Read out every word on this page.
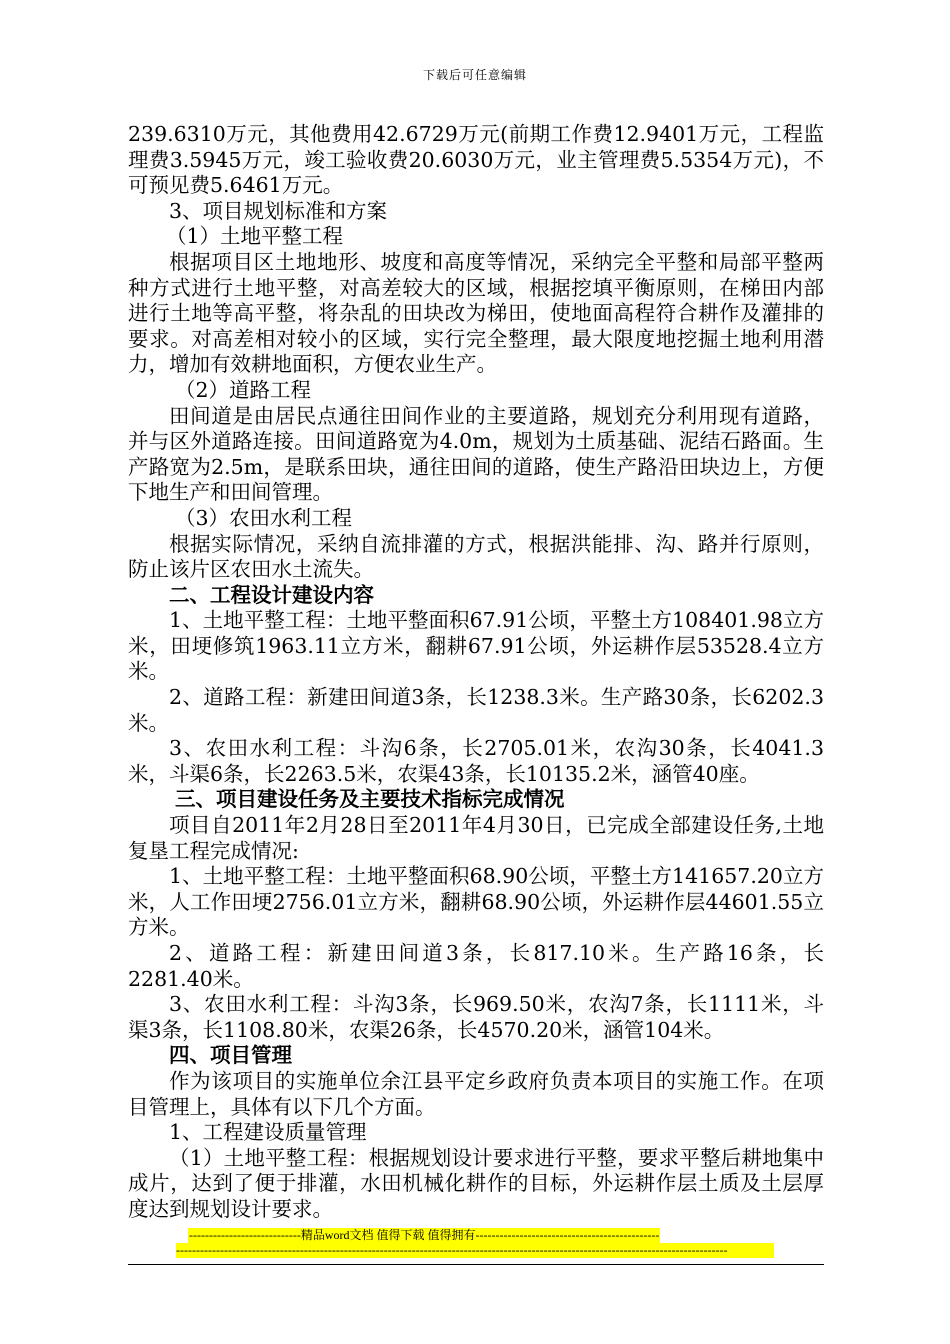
下载后可任意编辑

239.6310万元，其他费用42.6729万元(前期工作费12.9401万元，工程监理费3.5945万元，竣工验收费20.6030万元，业主管理费5.5354万元)，不可预见费5.6461万元。

3、项目规划标准和方案

（1）土地平整工程

根据项目区土地地形、坡度和高度等情况，采纳完全平整和局部平整两种方式进行土地平整，对高差较大的区域，根据挖填平衡原则，在梯田内部进行土地等高平整，将杂乱的田块改为梯田，使地面高程符合耕作及灌排的要求。对高差相对较小的区域，实行完全整理，最大限度地挖掘土地利用潜力，增加有效耕地面积，方便农业生产。

（2）道路工程

田间道是由居民点通往田间作业的主要道路，规划充分利用现有道路，并与区外道路连接。田间道路宽为4.0m，规划为土质基础、泥结石路面。生产路宽为2.5m，是联系田块，通往田间的道路，使生产路沿田块边上，方便下地生产和田间管理。

（3）农田水利工程

根据实际情况，采纳自流排灌的方式，根据洪能排、沟、路并行原则，防止该片区农田水土流失。

二、工程设计建设内容

1、土地平整工程：土地平整面积67.91公顷，平整土方108401.98立方米，田埂修筑1963.11立方米，翻耕67.91公顷，外运耕作层53528.4立方米。

2、道路工程：新建田间道3条，长1238.3米。生产路30条，长6202.3米。

3、农田水利工程：斗沟6条，长2705.01米，农沟30条，长4041.3米，斗渠6条，长2263.5米，农渠43条，长10135.2米，涵管40座。

三、项目建设任务及主要技术指标完成情况

项目自2011年2月28日至2011年4月30日，已完成全部建设任务,土地复垦工程完成情况:

1、土地平整工程：土地平整面积68.90公顷，平整土方141657.20立方米，人工作田埂2756.01立方米，翻耕68.90公顷，外运耕作层44601.55立方米。

2、道路工程：新建田间道3条，长817.10米。生产路16条，长2281.40米。

3、农田水利工程：斗沟3条，长969.50米，农沟7条，长1111米，斗渠3条，长1108.80米，农渠26条，长4570.20米，涵管104米。

四、项目管理

作为该项目的实施单位余江县平定乡政府负责本项目的实施工作。在项目管理上，具体有以下几个方面。

1、工程建设质量管理

（1）土地平整工程：根据规划设计要求进行平整，要求平整后耕地集中成片，达到了便于排灌，水田机械化耕作的目标，外运耕作层土质及土层厚度达到规划设计要求。

----------------------------精品word文档 值得下载 值得拥有----------------------------------------------
------------------------------------------------------------------------------------------------------------------------------------------
